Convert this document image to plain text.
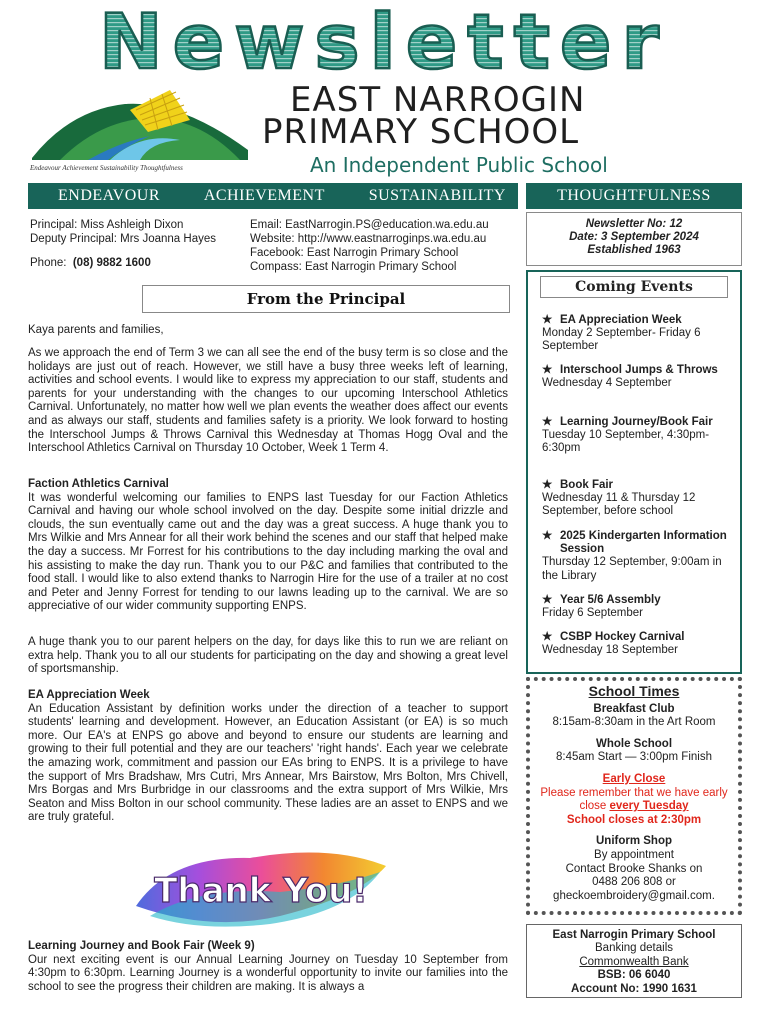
Newsletter
Endeavour Achievement Sustainability Thoughtfulness
EAST NARROGIN
PRIMARY SCHOOL
An Independent Public School
ENDEAVOUR	ACHIEVEMENT	SUSTAINABILITY	THOUGHTFULNESS
Principal: Miss Ashleigh Dixon
Deputy Principal: Mrs Joanna Hayes
Phone: (08) 9882 1600
Email: EastNarrogin.PS@education.wa.edu.au
Website: http://www.eastnarroginps.wa.edu.au
Facebook: East Narrogin Primary School
Compass: East Narrogin Primary School
Newsletter No: 12
Date: 3 September 2024
Established 1963
From the Principal
Kaya parents and families,
As we approach the end of Term 3 we can all see the end of the busy term is so close and the holidays are just out of reach. However, we still have a busy three weeks left of learning, activities and school events. I would like to express my appreciation to our staff, students and parents for your understanding with the changes to our upcoming Interschool Athletics Carnival. Unfortunately, no matter how well we plan events the weather does affect our events and as always our staff, students and families safety is a priority. We look forward to hosting the Interschool Jumps & Throws Carnival this Wednesday at Thomas Hogg Oval and the Interschool Athletics Carnival on Thursday 10 October, Week 1 Term 4.
Faction Athletics Carnival
It was wonderful welcoming our families to ENPS last Tuesday for our Faction Athletics Carnival and having our whole school involved on the day. Despite some initial drizzle and clouds, the sun eventually came out and the day was a great success. A huge thank you to Mrs Wilkie and Mrs Annear for all their work behind the scenes and our staff that helped make the day a success. Mr Forrest for his contributions to the day including marking the oval and his assisting to make the day run. Thank you to our P&C and families that contributed to the food stall. I would like to also extend thanks to Narrogin Hire for the use of a trailer at no cost and Peter and Jenny Forrest for tending to our lawns leading up to the carnival. We are so appreciative of our wider community supporting ENPS.
A huge thank you to our parent helpers on the day, for days like this to run we are reliant on extra help. Thank you to all our students for participating on the day and showing a great level of sportsmanship.
EA Appreciation Week
An Education Assistant by definition works under the direction of a teacher to support students' learning and development. However, an Education Assistant (or EA) is so much more. Our EA's at ENPS go above and beyond to ensure our students are learning and growing to their full potential and they are our teachers' 'right hands'. Each year we celebrate the amazing work, commitment and passion our EAs bring to ENPS. It is a privilege to have the support of Mrs Bradshaw, Mrs Cutri, Mrs Annear, Mrs Bairstow, Mrs Bolton, Mrs Chivell, Mrs Borgas and Mrs Burbridge in our classrooms and the extra support of Mrs Wilkie, Mrs Seaton and Miss Bolton in our school community. These ladies are an asset to ENPS and we are truly grateful.
Thank You!
Learning Journey and Book Fair (Week 9)
Our next exciting event is our Annual Learning Journey on Tuesday 10 September from 4:30pm to 6:30pm. Learning Journey is a wonderful opportunity to invite our families into the school to see the progress their children are making. It is always a
Coming Events
★ EA Appreciation Week
Monday 2 September- Friday 6 September
★ Interschool Jumps & Throws
Wednesday 4 September
★ Learning Journey/Book Fair
Tuesday 10 September, 4:30pm-6:30pm
★ Book Fair
Wednesday 11 & Thursday 12 September, before school
★ 2025 Kindergarten Information Session
Thursday 12 September, 9:00am in the Library
★ Year 5/6 Assembly
Friday 6 September
★ CSBP Hockey Carnival
Wednesday 18 September
School Times
Breakfast Club
8:15am-8:30am in the Art Room
Whole School
8:45am Start — 3:00pm Finish
Early Close
Please remember that we have early close every Tuesday
School closes at 2:30pm
Uniform Shop
By appointment
Contact Brooke Shanks on
0488 206 808 or
gheckoembroidery@gmail.com.
East Narrogin Primary School
Banking details
Commonwealth Bank
BSB: 06 6040
Account No: 1990 1631
